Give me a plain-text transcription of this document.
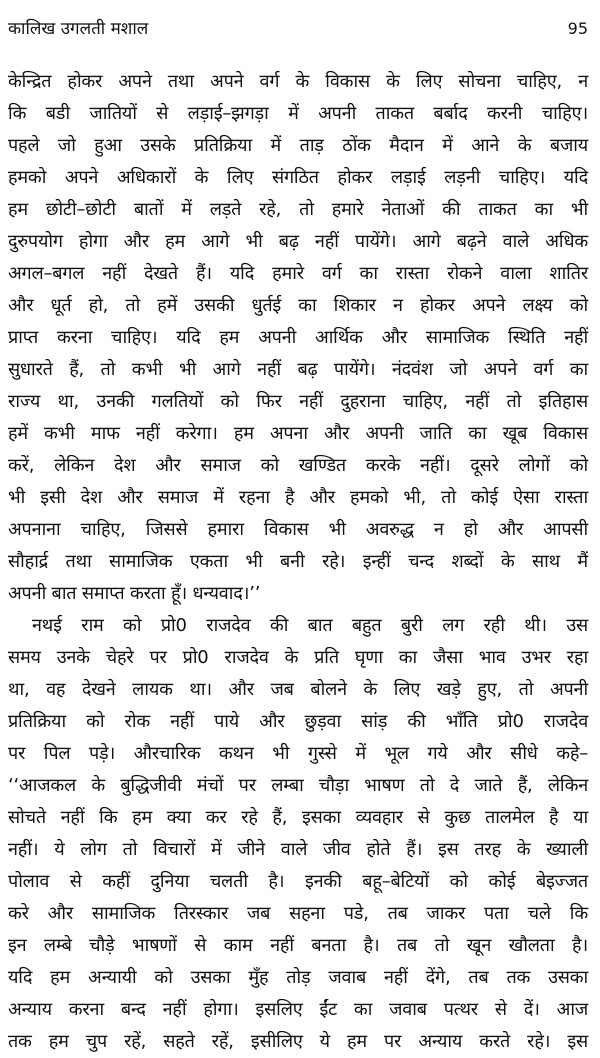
कालिख उगलती मशाल	95
केन्द्रित होकर अपने तथा अपने वर्ग के विकास के लिए सोचना चाहिए, न
कि बडी जातियों से लड़ाई–झगड़ा में अपनी ताकत बर्बाद करनी चाहिए।
पहले जो हुआ उसके प्रतिक्रिया में ताड़ ठोंक मैदान में आने के बजाय
हमको अपने अधिकारों के लिए संगठित होकर लड़ाई लड़नी चाहिए। यदि
हम छोटी–छोटी बातों में लड़ते रहे, तो हमारे नेताओं की ताकत का भी
दुरुपयोग होगा और हम आगे भी बढ़ नहीं पायेंगे। आगे बढ़ने वाले अधिक
अगल–बगल नहीं देखते हैं। यदि हमारे वर्ग का रास्ता रोकने वाला शातिर
और धूर्त हो, तो हमें उसकी धुर्तई का शिकार न होकर अपने लक्ष्य को
प्राप्त करना चाहिए। यदि हम अपनी आर्थिक और सामाजिक स्थिति नहीं
सुधारते हैं, तो कभी भी आगे नहीं बढ़ पायेंगे। नंदवंश जो अपने वर्ग का
राज्य था, उनकी गलतियों को फिर नहीं दुहराना चाहिए, नहीं तो इतिहास
हमें कभी माफ नहीं करेगा। हम अपना और अपनी जाति का खूब विकास
करें, लेकिन देश और समाज को खण्डित करके नहीं। दूसरे लोगों को
भी इसी देश और समाज में रहना है और हमको भी, तो कोई ऐसा रास्ता
अपनाना चाहिए, जिससे हमारा विकास भी अवरुद्ध न हो और आपसी
सौहार्द्र तथा सामाजिक एकता भी बनी रहे। इन्हीं चन्द शब्दों के साथ मैं
अपनी बात समाप्त करता हूँ। धन्यवाद।’’
नथई राम को प्रो0 राजदेव की बात बहुत बुरी लग रही थी। उस
समय उनके चेहरे पर प्रो0 राजदेव के प्रति घृणा का जैसा भाव उभर रहा
था, वह देखने लायक था। और जब बोलने के लिए खड़े हुए, तो अपनी
प्रतिक्रिया को रोक नहीं पाये और छुड़वा सांड़ की भाँति प्रो0 राजदेव
पर पिल पड़े। औरचारिक कथन भी गुस्से में भूल गये और सीधे कहे–
‘‘आजकल के बुद्धिजीवी मंचों पर लम्बा चौड़ा भाषण तो दे जाते हैं, लेकिन
सोचते नहीं कि हम क्या कर रहे हैं, इसका व्यवहार से कुछ तालमेल है या
नहीं। ये लोग तो विचारों में जीने वाले जीव होते हैं। इस तरह के ख्याली
पोलाव से कहीं दुनिया चलती है। इनकी बहू–बेटियों को कोई बेइज्जत
करे और सामाजिक तिरस्कार जब सहना पडे, तब जाकर पता चले कि
इन लम्बे चौड़े भाषणों से काम नहीं बनता है। तब तो खून खौलता है।
यदि हम अन्यायी को उसका मुँह तोड़ जवाब नहीं देंगे, तब तक उसका
अन्याय करना बन्द नहीं होगा। इसलिए ईंट का जवाब पत्थर से दें। आज
तक हम चुप रहें, सहते रहें, इसीलिए ये हम पर अन्याय करते रहे। इस
